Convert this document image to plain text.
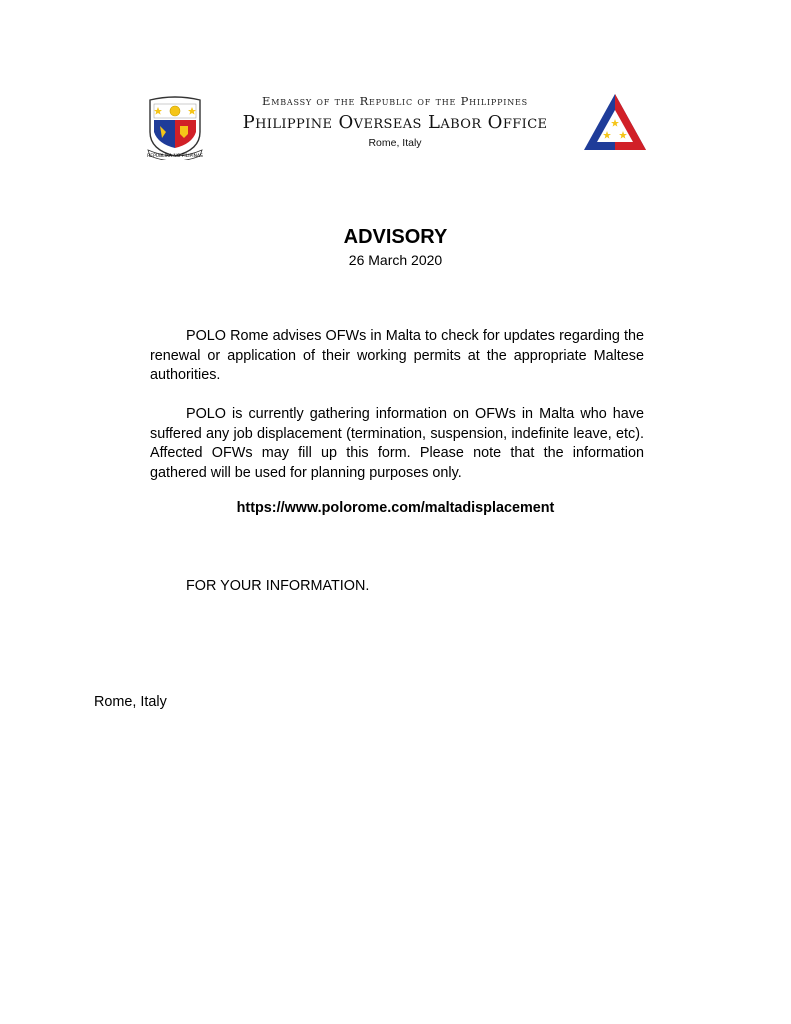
REPUBLIKA NG PILIPINAS
Embassy of the Republic of the Philippines
Philippine Overseas Labor Office
Rome, Italy
ADVISORY
26 March 2020
POLO Rome advises OFWs in Malta to check for updates regarding the renewal or application of their working permits at the appropriate Maltese authorities.
POLO is currently gathering information on OFWs in Malta who have suffered any job displacement (termination, suspension, indefinite leave, etc). Affected OFWs may fill up this form. Please note that the information gathered will be used for planning purposes only.
https://www.polorome.com/maltadisplacement
FOR YOUR INFORMATION.
Rome, Italy
